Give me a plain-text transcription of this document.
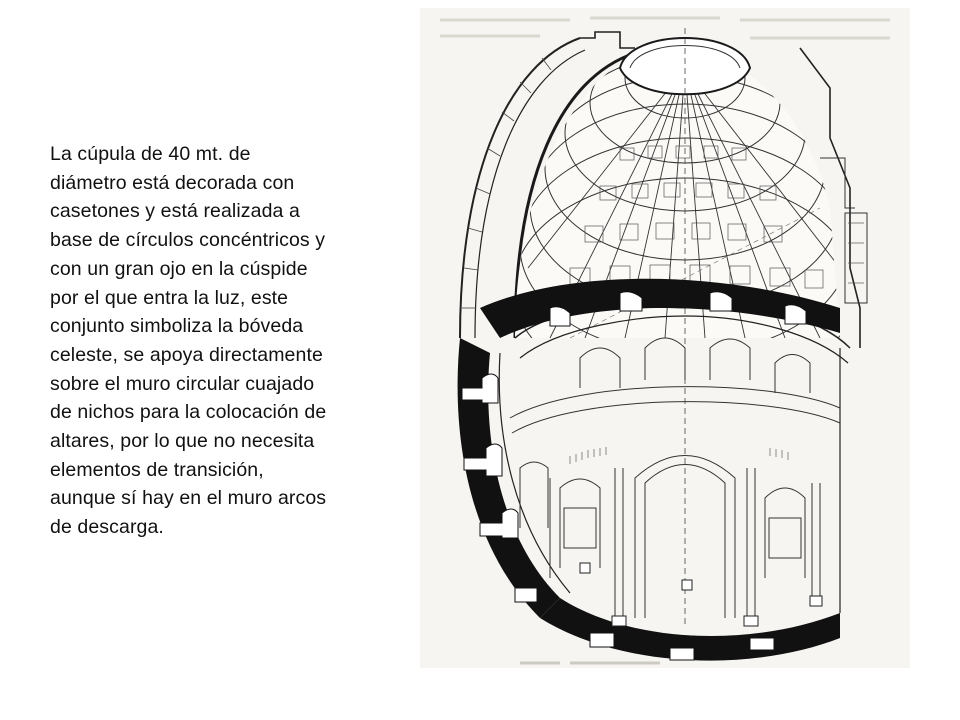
La cúpula de 40 mt. de
diámetro está decorada con
casetones y está realizada a
base de círculos concéntricos y
con un gran ojo en la cúspide
por el que entra la luz, este
conjunto simboliza la bóveda
celeste, se apoya directamente
sobre el muro circular cuajado
de nichos para la colocación de
altares, por lo que no necesita
elementos de transición,
aunque sí hay en el muro arcos
de descarga.
